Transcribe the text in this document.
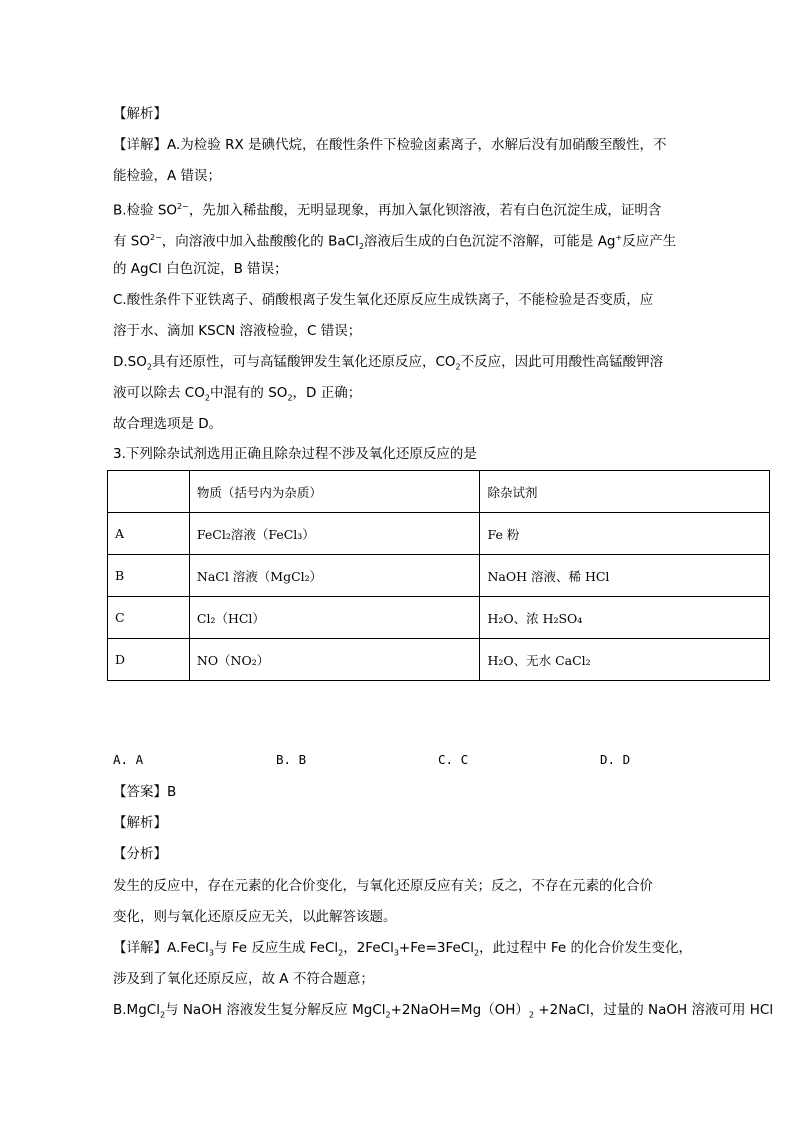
【解析】
【详解】A.为检验 RX 是碘代烷，在酸性条件下检验卤素离子，水解后没有加硝酸至酸性，不
能检验，A 错误；
B.检验 $SO^{2-}$，先加入稀盐酸，无明显现象，再加入氯化钡溶液，若有白色沉淀生成，证明含
有 $SO^{2-}$，向溶液中加入盐酸酸化的 BaCl$_2$溶液后生成的白色沉淀不溶解，可能是 Ag+反应产生
的 AgCl 白色沉淀，B 错误；
C.酸性条件下亚铁离子、硝酸根离子发生氧化还原反应生成铁离子，不能检验是否变质，应
溶于水、滴加 KSCN 溶液检验，C 错误；
$D.SO_2$具有还原性，可与高锰酸钾发生氧化还原反应，$CO_2$不反应，因此可用酸性高锰酸钾溶
液可以除去 $CO_2$中混有的 $SO_2$，D 正确；
故合理选项是 D。
3.下列除杂试剂选用正确且除杂过程不涉及氧化还原反应的是
	物质（括号内为杂质）	除杂试剂
A	FeCl₂溶液（FeCl₃）	Fe 粉
B	NaCl 溶液（MgCl₂）	NaOH 溶液、稀 HCl
C	Cl₂（HCl）	H₂O、浓 H₂SO₄
D	NO（NO₂）	H₂O、无水 CaCl₂
A. A	B. B	C. C	D. D
【答案】B
【解析】
【分析】
发生的反应中，存在元素的化合价变化，与氧化还原反应有关；反之，不存在元素的化合价
变化，则与氧化还原反应无关，以此解答该题。
【详解】A.FeCl$_3$与 Fe 反应生成 FeCl$_2$，2FeCl$_3$+Fe=3FeCl$_2$，此过程中 Fe 的化合价发生变化，
涉及到了氧化还原反应，故 A 不符合题意；
B.MgCl$_2$与 NaOH 溶液发生复分解反应 $MgCl_2+2NaOH=Mg(OH)_2$ +2NaCl，过量的 NaOH 溶液可用 HCl
